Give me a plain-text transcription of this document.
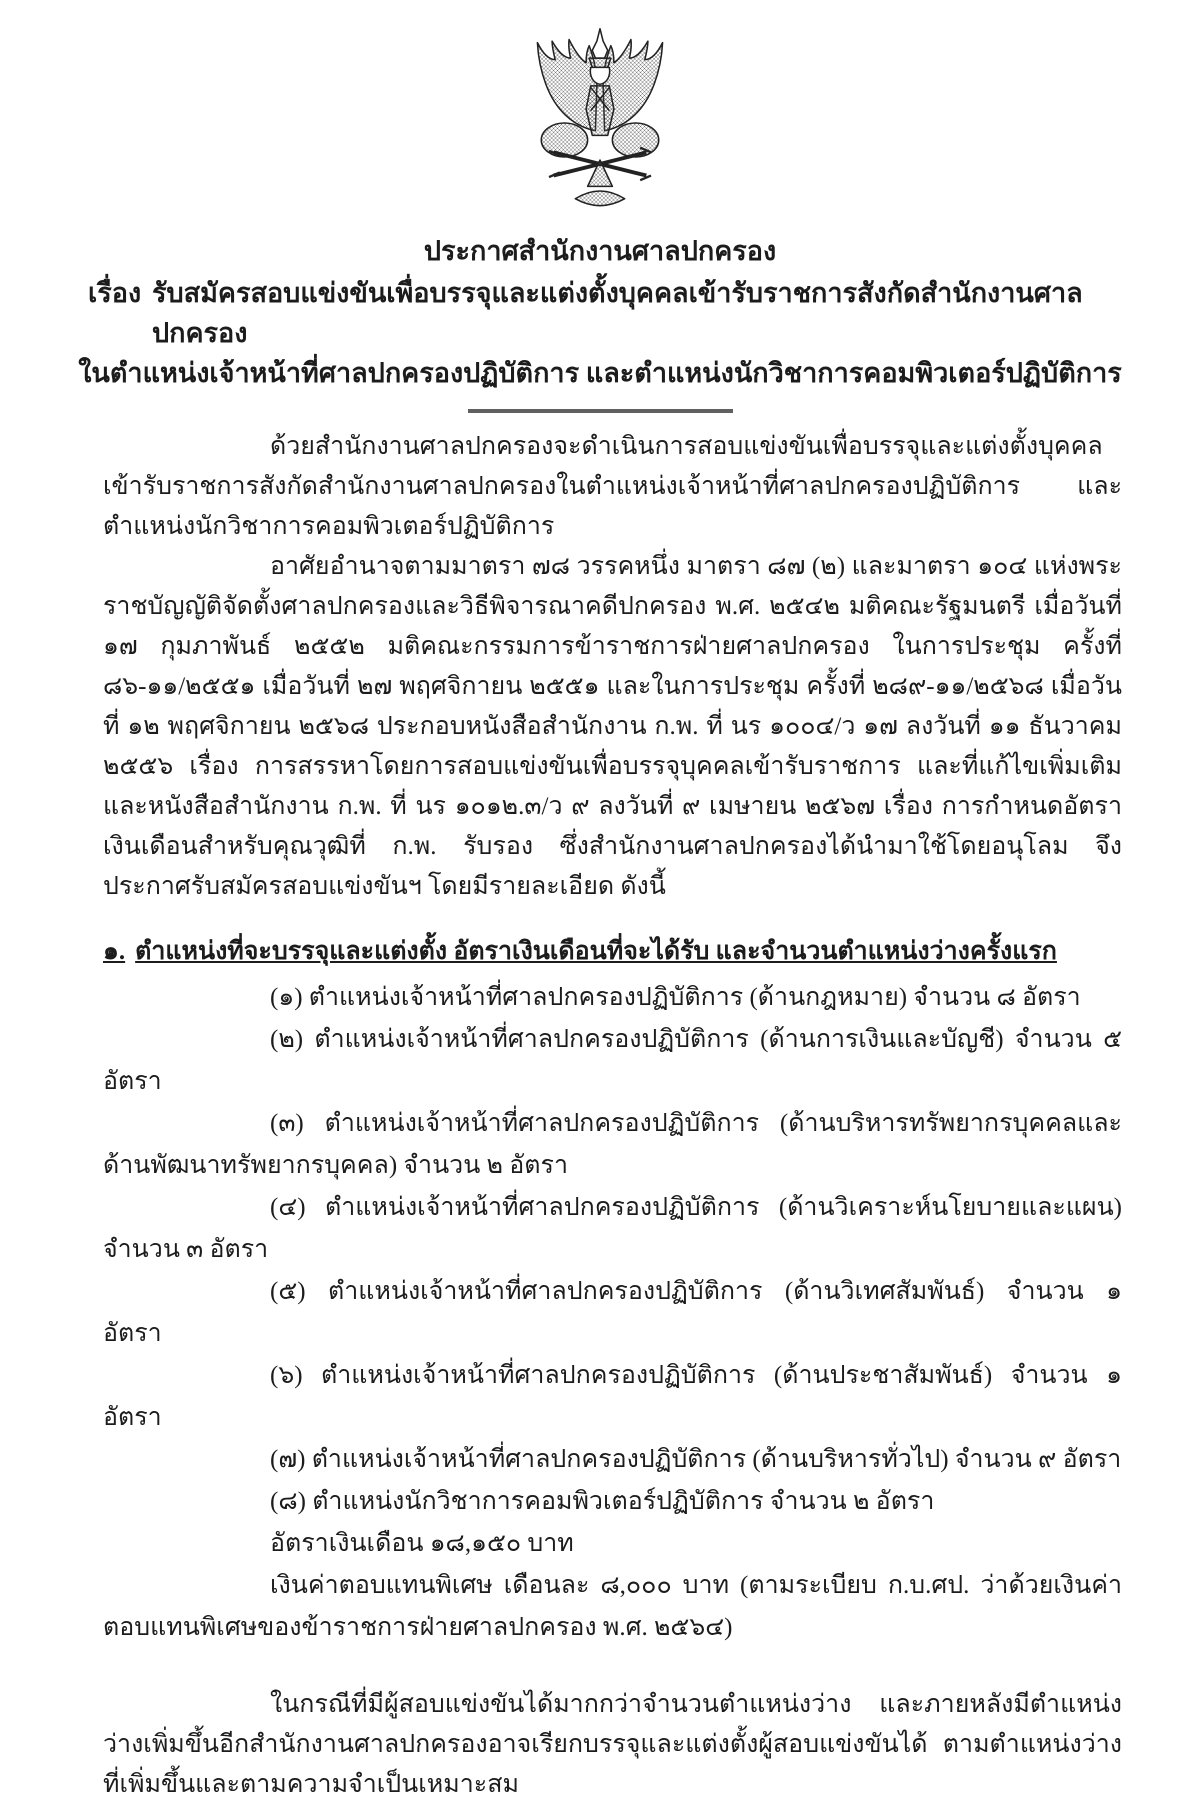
ประกาศสำนักงานศาลปกครอง
เรื่อง รับสมัครสอบแข่งขันเพื่อบรรจุและแต่งตั้งบุคคลเข้ารับราชการสังกัดสำนักงานศาลปกครอง
ในตำแหน่งเจ้าหน้าที่ศาลปกครองปฏิบัติการ และตำแหน่งนักวิชาการคอมพิวเตอร์ปฏิบัติการ

ด้วยสำนักงานศาลปกครองจะดำเนินการสอบแข่งขันเพื่อบรรจุและแต่งตั้งบุคคลเข้ารับราชการสังกัดสำนักงานศาลปกครองในตำแหน่งเจ้าหน้าที่ศาลปกครองปฏิบัติการ และตำแหน่งนักวิชาการคอมพิวเตอร์ปฏิบัติการ

อาศัยอำนาจตามมาตรา ๗๘ วรรคหนึ่ง มาตรา ๘๗ (๒) และมาตรา ๑๐๔ แห่งพระราชบัญญัติจัดตั้งศาลปกครองและวิธีพิจารณาคดีปกครอง พ.ศ. ๒๕๔๒ มติคณะรัฐมนตรี เมื่อวันที่ ๑๗ กุมภาพันธ์ ๒๕๕๒ มติคณะกรรมการข้าราชการฝ่ายศาลปกครอง ในการประชุม ครั้งที่ ๘๖-๑๑/๒๕๕๑ เมื่อวันที่ ๒๗ พฤศจิกายน ๒๕๕๑ และในการประชุม ครั้งที่ ๒๘๙-๑๑/๒๕๖๘ เมื่อวันที่ ๑๒ พฤศจิกายน ๒๕๖๘ ประกอบหนังสือสำนักงาน ก.พ. ที่ นร ๑๐๐๔/ว ๑๗ ลงวันที่ ๑๑ ธันวาคม ๒๕๕๖ เรื่อง การสรรหาโดยการสอบแข่งขันเพื่อบรรจุบุคคลเข้ารับราชการ และที่แก้ไขเพิ่มเติม และหนังสือสำนักงาน ก.พ. ที่ นร ๑๐๑๒.๓/ว ๙ ลงวันที่ ๙ เมษายน ๒๕๖๗ เรื่อง การกำหนดอัตราเงินเดือนสำหรับคุณวุฒิที่ ก.พ. รับรอง ซึ่งสำนักงานศาลปกครองได้นำมาใช้โดยอนุโลม จึงประกาศรับสมัครสอบแข่งขันฯ โดยมีรายละเอียด ดังนี้

๑. ตำแหน่งที่จะบรรจุและแต่งตั้ง อัตราเงินเดือนที่จะได้รับ และจำนวนตำแหน่งว่างครั้งแรก

(๑) ตำแหน่งเจ้าหน้าที่ศาลปกครองปฏิบัติการ (ด้านกฎหมาย) จำนวน ๘ อัตรา

(๒) ตำแหน่งเจ้าหน้าที่ศาลปกครองปฏิบัติการ (ด้านการเงินและบัญชี) จำนวน ๕ อัตรา

(๓) ตำแหน่งเจ้าหน้าที่ศาลปกครองปฏิบัติการ (ด้านบริหารทรัพยากรบุคคลและด้านพัฒนาทรัพยากรบุคคล) จำนวน ๒ อัตรา

(๔) ตำแหน่งเจ้าหน้าที่ศาลปกครองปฏิบัติการ (ด้านวิเคราะห์นโยบายและแผน) จำนวน ๓ อัตรา

(๕) ตำแหน่งเจ้าหน้าที่ศาลปกครองปฏิบัติการ (ด้านวิเทศสัมพันธ์) จำนวน ๑ อัตรา

(๖) ตำแหน่งเจ้าหน้าที่ศาลปกครองปฏิบัติการ (ด้านประชาสัมพันธ์) จำนวน ๑ อัตรา

(๗) ตำแหน่งเจ้าหน้าที่ศาลปกครองปฏิบัติการ (ด้านบริหารทั่วไป) จำนวน ๙ อัตรา

(๘) ตำแหน่งนักวิชาการคอมพิวเตอร์ปฏิบัติการ จำนวน ๒ อัตรา

อัตราเงินเดือน ๑๘,๑๕๐ บาท

เงินค่าตอบแทนพิเศษ เดือนละ ๘,๐๐๐ บาท (ตามระเบียบ ก.บ.ศป. ว่าด้วยเงินค่าตอบแทนพิเศษของข้าราชการฝ่ายศาลปกครอง พ.ศ. ๒๕๖๔)

ในกรณีที่มีผู้สอบแข่งขันได้มากกว่าจำนวนตำแหน่งว่าง และภายหลังมีตำแหน่งว่างเพิ่มขึ้นอีกสำนักงานศาลปกครองอาจเรียกบรรจุและแต่งตั้งผู้สอบแข่งขันได้ ตามตำแหน่งว่างที่เพิ่มขึ้นและตามความจำเป็นเหมาะสม
